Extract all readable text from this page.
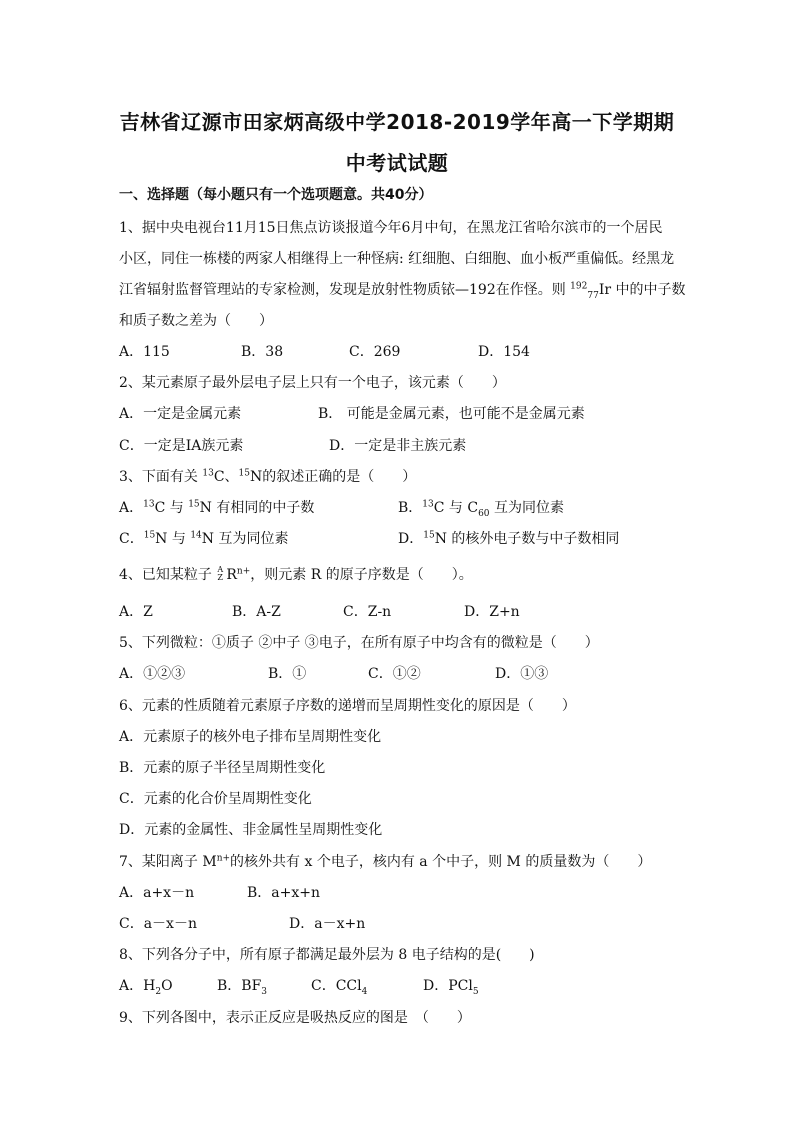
吉林省辽源市田家炳高级中学2018-2019学年高一下学期期
中考试试题
一、选择题（每小题只有一个选项题意。共40分）
1、据中央电视台11月15日焦点访谈报道今年6月中旬，在黑龙江省哈尔滨市的一个居民
小区，同住一栋楼的两家人相继得上一种怪病: 红细胞、白细胞、血小板严重偏低。经黑龙
江省辐射监督管理站的专家检测，发现是放射性物质铱—192在作怪。则 $^{192}_{77}$Ir 中的中子数
和质子数之差为（　　）
A．115	B．38	C．269	D．154
2、某元素原子最外层电子层上只有一个电子，该元素（　　）
A．一定是金属元素	B． 可能是金属元素，也可能不是金属元素
C．一定是ⅠA族元素	D．一定是非主族元素
3、下面有关 $^{13}$C、$^{15}$N的叙述正确的是（　　）
A．$^{13}$C 与 $^{15}$N 有相同的中子数	B．$^{13}$C 与 $C_{60}$ 互为同位素
C．$^{15}$N 与 $^{14}$N 互为同位素	D．$^{15}$N 的核外电子数与中子数相同
4、已知某粒子 A
Z $R^{n+}$，则元素 R 的原子序数是（　　）。
A．Z	B．A-Z	C．Z-n	D．Z+n
5、下列微粒：①质子 ②中子 ③电子，在所有原子中均含有的微粒是（　　）
A．①②③	B．①	C．①②	D．①③
6、元素的性质随着元素原子序数的递增而呈周期性变化的原因是（　　）
A．元素原子的核外电子排布呈周期性变化
B．元素的原子半径呈周期性变化
C．元素的化合价呈周期性变化
D．元素的金属性、非金属性呈周期性变化
7、某阳离子 $M^{n+}$的核外共有 x 个电子，核内有 a 个中子，则 M 的质量数为（　　）
A．a+x－n	B．a+x+n
C．a－x－n	D．a－x+n
8、下列各分子中，所有原子都满足最外层为 8 电子结构的是(　　)
A．$H_2O$	B．$BF_3$	C．CCl$_4$	D．PCl$_5$
9、下列各图中，表示正反应是吸热反应的图是　（　　）
